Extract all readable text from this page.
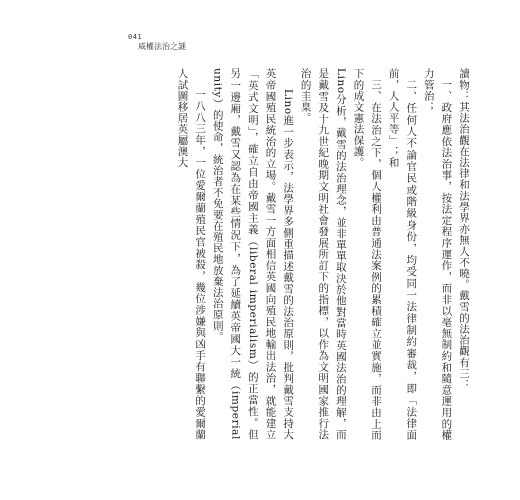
041
威權法治之謎

讀物：其法治觀在法律和法學界亦無人不曉。戴雪的法治觀有三：

一、政府應依法治事，按法定程序運作，而非以毫無制約和隨意運用的權力管治；

二、任何人不論官民或階級身份，均受同一法律制約審裁，即「法律面前，人人平等」；和

三、在法治之下，個人權利由普通法案例的累積確立並實施，而非由上而下的成文憲法保護。

Lino分析，戴雪的法治理念，並非單單取決於他對當時英國法治的理解，而是戴雪及十九世紀晚期文明社會發展所訂下的指標，以作為文明國家推行法治的圭臬。

Lino進一步表示，法學界多側重描述戴雪的法治原則，批判戴雪支持大英帝國殖民統治的立場。戴雪一方面相信英國向殖民地輸出法治，就能建立「英式文明」，確立自由帝國主義（liberal imperialism）的正當性。但另一邊廂，戴雪又認為在某些情況下，為了延續英帝國大一統（imperial unity）的使命，統治者不免要在殖民地放棄法治原則。

一八八三年，一位愛爾蘭殖民官被殺，幾位涉嫌與凶手有聯繫的愛爾蘭人試圖移居英屬澳大
